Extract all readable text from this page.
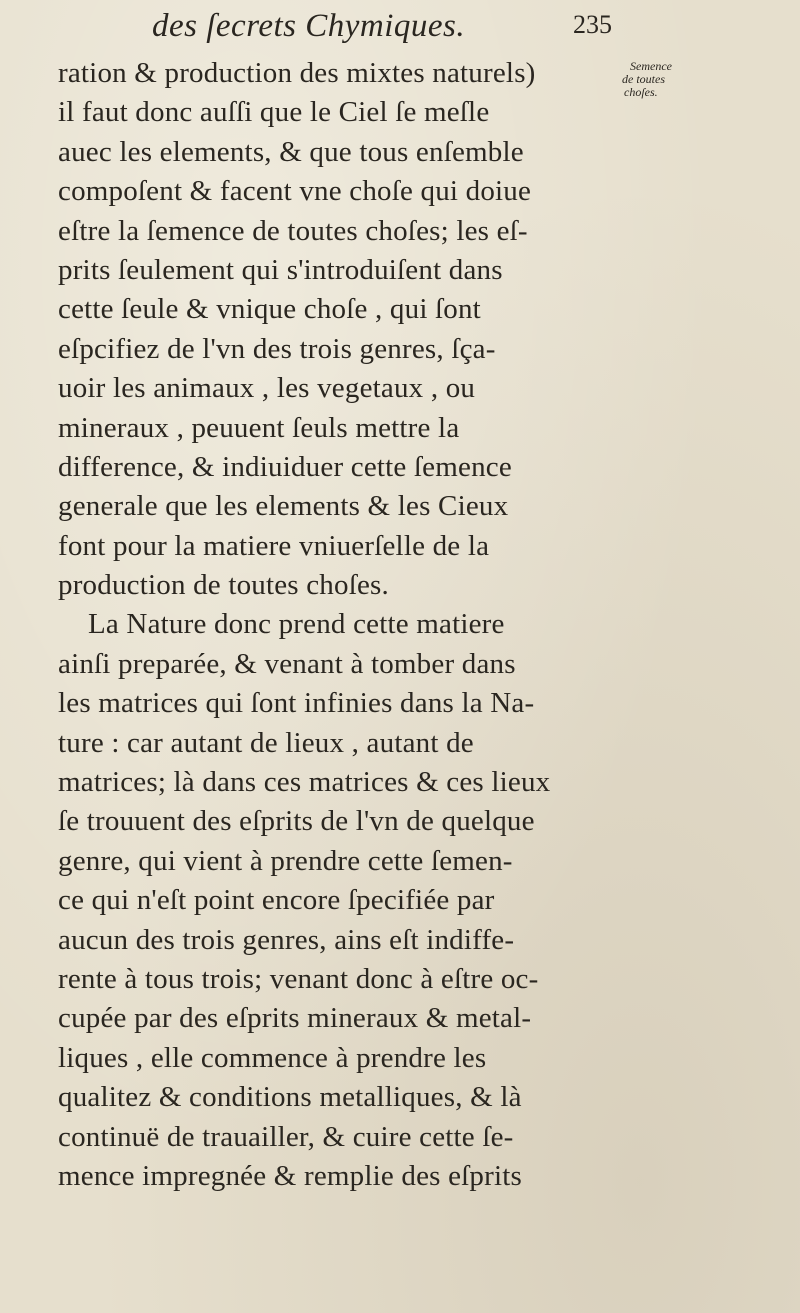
des ſecrets Chymiques.	235
Semence
de toutes
choſes.
ration & production des mixtes naturels)
il faut donc auſſi que le Ciel ſe meſle
auec les elements, & que tous enſemble
compoſent & facent vne choſe qui doiue
eſtre la ſemence de toutes choſes; les eſ-
prits ſeulement qui s'introduiſent dans
cette ſeule & vnique choſe , qui ſont
eſpcifiez de l'vn des trois genres, ſça-
uoir les animaux , les vegetaux , ou
mineraux , peuuent ſeuls mettre la
difference, & indiuiduer cette ſemence
generale que les elements & les Cieux
font pour la matiere vniuerſelle de la
production de toutes choſes.
La Nature donc prend cette matiere
ainſi preparée, & venant à tomber dans
les matrices qui ſont infinies dans la Na-
ture : car autant de lieux , autant de
matrices; là dans ces matrices & ces lieux
ſe trouuent des eſprits de l'vn de quelque
genre, qui vient à prendre cette ſemen-
ce qui n'eſt point encore ſpecifiée par
aucun des trois genres, ains eſt indiffe-
rente à tous trois; venant donc à eſtre oc-
cupée par des eſprits mineraux & metal-
liques , elle commence à prendre les
qualitez & conditions metalliques, & là
continuë de trauailler, & cuire cette ſe-
mence impregnée & remplie des eſprits
